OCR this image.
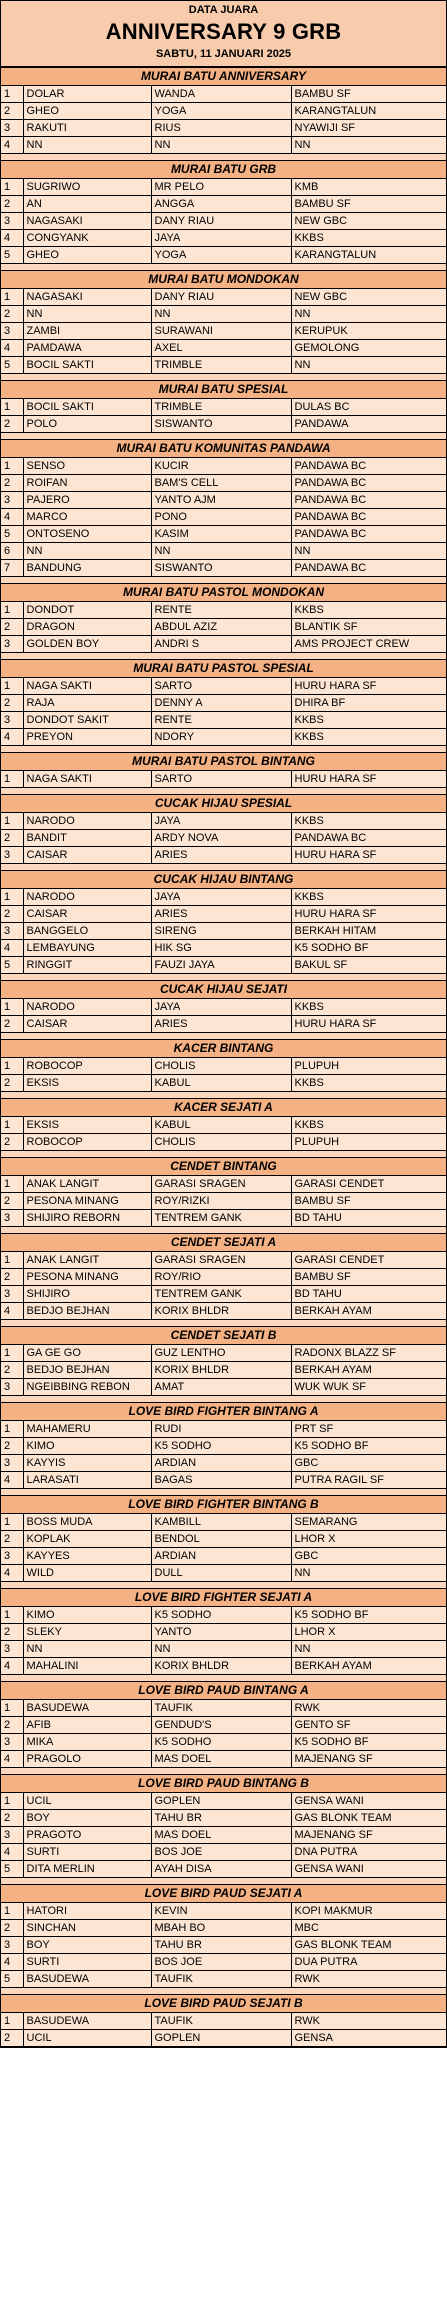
DATA JUARA
ANNIVERSARY 9 GRB
SABTU, 11 JANUARI 2025
MURAI BATU ANNIVERSARY
1	DOLAR	WANDA	BAMBU SF
2	GHEO	YOGA	KARANGTALUN
3	RAKUTI	RIUS	NYAWIJI SF
4	NN	NN	NN
MURAI BATU GRB
1	SUGRIWO	MR PELO	KMB
2	AN	ANGGA	BAMBU SF
3	NAGASAKI	DANY RIAU	NEW GBC
4	CONGYANK	JAYA	KKBS
5	GHEO	YOGA	KARANGTALUN
MURAI BATU MONDOKAN
1	NAGASAKI	DANY RIAU	NEW GBC
2	NN	NN	NN
3	ZAMBI	SURAWANI	KERUPUK
4	PAMDAWA	AXEL	GEMOLONG
5	BOCIL SAKTI	TRIMBLE	NN
MURAI BATU SPESIAL
1	BOCIL SAKTI	TRIMBLE	DULAS BC
2	POLO	SISWANTO	PANDAWA
MURAI BATU KOMUNITAS PANDAWA
1	SENSO	KUCIR	PANDAWA BC
2	ROIFAN	BAM'S CELL	PANDAWA BC
3	PAJERO	YANTO AJM	PANDAWA BC
4	MARCO	PONO	PANDAWA BC
5	ONTOSENO	KASIM	PANDAWA BC
6	NN	NN	NN
7	BANDUNG	SISWANTO	PANDAWA BC
MURAI BATU PASTOL MONDOKAN
1	DONDOT	RENTE	KKBS
2	DRAGON	ABDUL AZIZ	BLANTIK SF
3	GOLDEN BOY	ANDRI S	AMS PROJECT CREW
MURAI BATU PASTOL SPESIAL
1	NAGA SAKTI	SARTO	HURU HARA SF
2	RAJA	DENNY A	DHIRA BF
3	DONDOT SAKIT	RENTE	KKBS
4	PREYON	NDORY	KKBS
MURAI BATU PASTOL BINTANG
1	NAGA SAKTI	SARTO	HURU HARA SF
CUCAK HIJAU SPESIAL
1	NARODO	JAYA	KKBS
2	BANDIT	ARDY NOVA	PANDAWA BC
3	CAISAR	ARIES	HURU HARA SF
CUCAK HIJAU BINTANG
1	NARODO	JAYA	KKBS
2	CAISAR	ARIES	HURU HARA SF
3	BANGGELO	SIRENG	BERKAH HITAM
4	LEMBAYUNG	HIK SG	K5 SODHO BF
5	RINGGIT	FAUZI JAYA	BAKUL SF
CUCAK HIJAU SEJATI
1	NARODO	JAYA	KKBS
2	CAISAR	ARIES	HURU HARA SF
KACER BINTANG
1	ROBOCOP	CHOLIS	PLUPUH
2	EKSIS	KABUL	KKBS
KACER SEJATI A
1	EKSIS	KABUL	KKBS
2	ROBOCOP	CHOLIS	PLUPUH
CENDET BINTANG
1	ANAK LANGIT	GARASI SRAGEN	GARASI CENDET
2	PESONA MINANG	ROY/RIZKI	BAMBU SF
3	SHIJIRO REBORN	TENTREM GANK	BD TAHU
CENDET SEJATI A
1	ANAK LANGIT	GARASI SRAGEN	GARASI CENDET
2	PESONA MINANG	ROY/RIO	BAMBU SF
3	SHIJIRO	TENTREM GANK	BD TAHU
4	BEDJO BEJHAN	KORIX BHLDR	BERKAH AYAM
CENDET SEJATI B
1	GA GE GO	GUZ LENTHO	RADONX BLAZZ SF
2	BEDJO BEJHAN	KORIX BHLDR	BERKAH AYAM
3	NGEIBBING REBON	AMAT	WUK WUK SF
LOVE BIRD FIGHTER BINTANG A
1	MAHAMERU	RUDI	PRT SF
2	KIMO	K5 SODHO	K5 SODHO BF
3	KAYYIS	ARDIAN	GBC
4	LARASATI	BAGAS	PUTRA RAGIL SF
LOVE BIRD FIGHTER BINTANG B
1	BOSS MUDA	KAMBILL	SEMARANG
2	KOPLAK	BENDOL	LHOR X
3	KAYYES	ARDIAN	GBC
4	WILD	DULL	NN
LOVE BIRD FIGHTER SEJATI A
1	KIMO	K5 SODHO	K5 SODHO BF
2	SLEKY	YANTO	LHOR X
3	NN	NN	NN
4	MAHALINI	KORIX BHLDR	BERKAH AYAM
LOVE BIRD PAUD BINTANG A
1	BASUDEWA	TAUFIK	RWK
2	AFIB	GENDUD'S	GENTO SF
3	MIKA	K5 SODHO	K5 SODHO BF
4	PRAGOLO	MAS DOEL	MAJENANG SF
LOVE BIRD PAUD BINTANG B
1	UCIL	GOPLEN	GENSA WANI
2	BOY	TAHU BR	GAS BLONK TEAM
3	PRAGOTO	MAS DOEL	MAJENANG SF
4	SURTI	BOS JOE	DNA PUTRA
5	DITA MERLIN	AYAH DISA	GENSA WANI
LOVE BIRD PAUD SEJATI A
1	HATORI	KEVIN	KOPI MAKMUR
2	SINCHAN	MBAH BO	MBC
3	BOY	TAHU BR	GAS BLONK TEAM
4	SURTI	BOS JOE	DUA PUTRA
5	BASUDEWA	TAUFIK	RWK
LOVE BIRD PAUD SEJATI B
1	BASUDEWA	TAUFIK	RWK
2	UCIL	GOPLEN	GENSA
